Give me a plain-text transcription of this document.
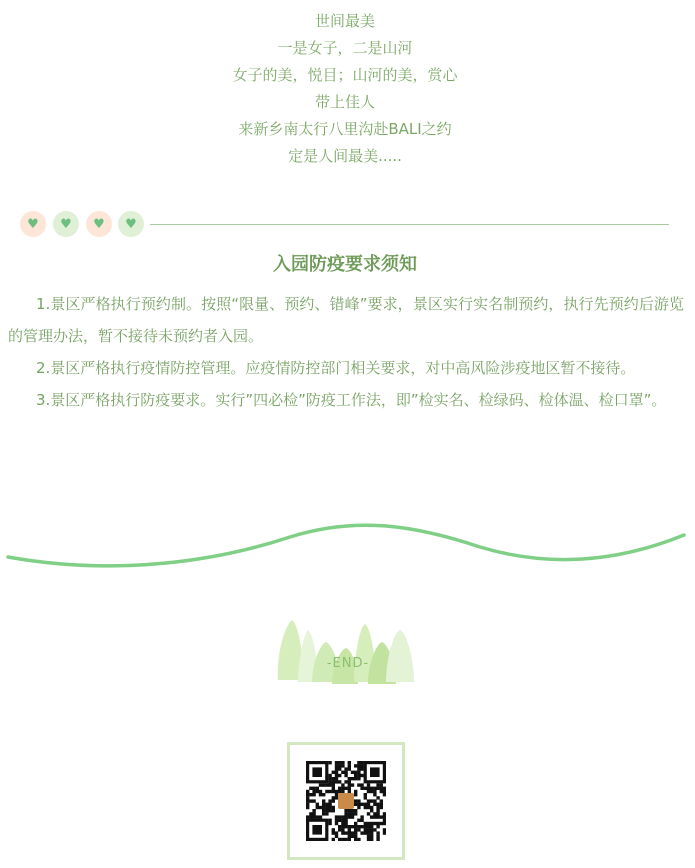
世间最美
一是女子，二是山河
女子的美，悦目；山河的美，赏心
带上佳人
来新乡南太行八里沟赴BALI之约
定是人间最美.....
♥ ♥ ♥ ♥
入园防疫要求须知

1.景区严格执行预约制。按照“限量、预约、错峰”要求，景区实行实名制预约，执行先预约后游览的管理办法，暂不接待未预约者入园。

2.景区严格执行疫情防控管理。应疫情防控部门相关要求，对中高风险涉疫地区暂不接待。

3.景区严格执行防疫要求。实行”四必检”防疫工作法，即”检实名、检绿码、检体温、检口罩”。

-END-
